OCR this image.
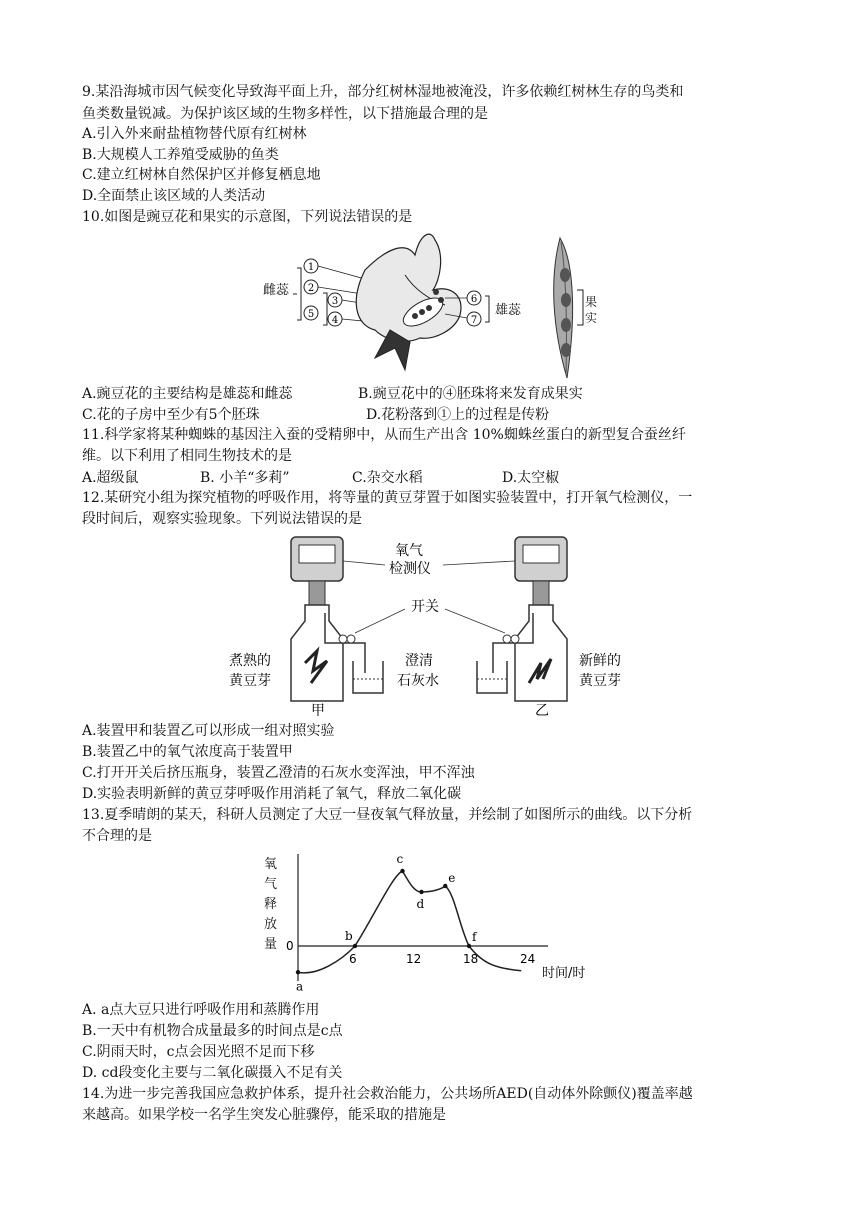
9.某沿海城市因气候变化导致海平面上升，部分红树林湿地被淹没，许多依赖红树林生存的鸟类和
鱼类数量锐减。为保护该区域的生物多样性，以下措施最合理的是
A.引入外来耐盐植物替代原有红树林
B.大规模人工养殖受威胁的鱼类
C.建立红树林自然保护区并修复栖息地
D.全面禁止该区域的人类活动
10.如图是豌豆花和果实的示意图，下列说法错误的是
雌蕊
1
2
3
5
4
6
7
雄蕊
果
实
A.豌豆花的主要结构是雄蕊和雌蕊	B.豌豆花中的④胚珠将来发育成果实
C.花的子房中至少有5个胚珠	D.花粉落到①上的过程是传粉
11.科学家将某种蜘蛛的基因注入蚕的受精卵中，从而生产出含 10%蜘蛛丝蛋白的新型复合蚕丝纤
维。以下利用了相同生物技术的是
A.超级鼠	B. 小羊“多莉”	C.杂交水稻	D.太空椒
12.某研究小组为探究植物的呼吸作用，将等量的黄豆芽置于如图实验装置中，打开氧气检测仪，一
段时间后，观察实验现象。下列说法错误的是
氧气
检测仪
开关
澄清
石灰水
煮熟的
黄豆芽
新鲜的
黄豆芽
甲	乙
A.装置甲和装置乙可以形成一组对照实验
B.装置乙中的氧气浓度高于装置甲
C.打开开关后挤压瓶身，装置乙澄清的石灰水变浑浊，甲不浑浊
D.实验表明新鲜的黄豆芽呼吸作用消耗了氧气，释放二氧化碳
13.夏季晴朗的某天，科研人员测定了大豆一昼夜氧气释放量，并绘制了如图所示的曲线。以下分析
不合理的是
氧
气
释
放
量 0
时间/时
6	12	18	24
a
b
c
d
e
f
A. a点大豆只进行呼吸作用和蒸腾作用
B.一天中有机物合成量最多的时间点是c点
C.阴雨天时，c点会因光照不足而下移
D. cd段变化主要与二氧化碳摄入不足有关
14.为进一步完善我国应急救护体系，提升社会救治能力，公共场所AED(自动体外除颤仪)覆盖率越
来越高。如果学校一名学生突发心脏骤停，能采取的措施是
